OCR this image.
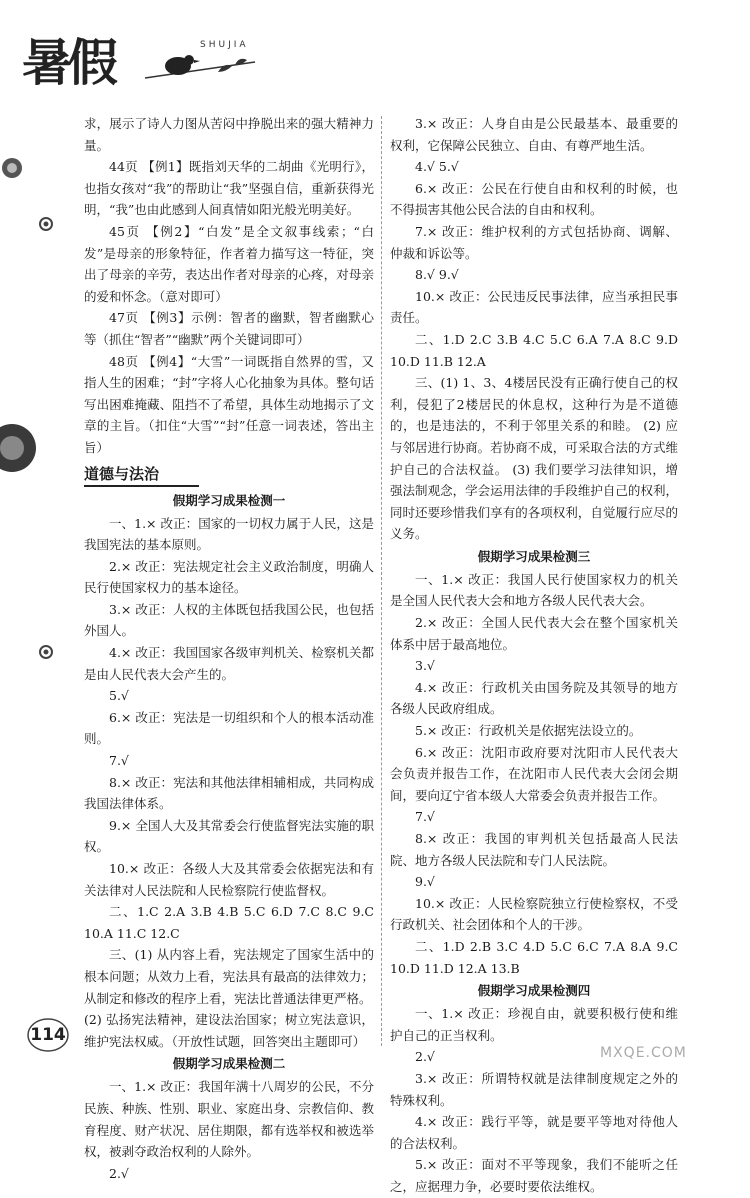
暑假	SHUJIA

求，展示了诗人力图从苦闷中挣脱出来的强大精神力量。

44页 【例1】既指刘天华的二胡曲《光明行》，也指女孩对“我”的帮助让“我”坚强自信，重新获得光明，“我”也由此感到人间真情如阳光般光明美好。

45页 【例2】“白发”是全文叙事线索；“白发”是母亲的形象特征，作者着力描写这一特征，突出了母亲的辛劳，表达出作者对母亲的心疼，对母亲的爱和怀念。（意对即可）

47页 【例3】示例：智者的幽默，智者幽默心等（抓住“智者”“幽默”两个关键词即可）

48页 【例4】“大雪”一词既指自然界的雪，又指人生的困难；“封”字将人心化抽象为具体。整句话写出困难掩藏、阻挡不了希望，具体生动地揭示了文章的主旨。（扣住“大雪”“封”任意一词表述，答出主旨）

道德与法治
假期学习成果检测一

一、1.× 改正：国家的一切权力属于人民，这是我国宪法的基本原则。

2.× 改正：宪法规定社会主义政治制度，明确人民行使国家权力的基本途径。

3.× 改正：人权的主体既包括我国公民，也包括外国人。

4.× 改正：我国国家各级审判机关、检察机关都是由人民代表大会产生的。

5.√

6.× 改正：宪法是一切组织和个人的根本活动准则。

7.√

8.× 改正：宪法和其他法律相辅相成，共同构成我国法律体系。

9.× 全国人大及其常委会行使监督宪法实施的职权。

10.× 改正：各级人大及其常委会依据宪法和有关法律对人民法院和人民检察院行使监督权。

二、1.C 2.A 3.B 4.B 5.C 6.D 7.C 8.C 9.C 10.A 11.C 12.C

三、(1) 从内容上看，宪法规定了国家生活中的根本问题；从效力上看，宪法具有最高的法律效力；从制定和修改的程序上看，宪法比普通法律更严格。

(2) 弘扬宪法精神，建设法治国家；树立宪法意识，维护宪法权威。（开放性试题，回答突出主题即可）

假期学习成果检测二

一、1.× 改正：我国年满十八周岁的公民，不分民族、种族、性别、职业、家庭出身、宗教信仰、教育程度、财产状况、居住期限，都有选举权和被选举权，被剥夺政治权利的人除外。

2.√

3.× 改正：人身自由是公民最基本、最重要的权利，它保障公民独立、自由、有尊严地生活。

4.√ 5.√

6.× 改正：公民在行使自由和权利的时候，也不得损害其他公民合法的自由和权利。

7.× 改正：维护权利的方式包括协商、调解、仲裁和诉讼等。

8.√ 9.√

10.× 改正：公民违反民事法律，应当承担民事责任。

二、1.D 2.C 3.B 4.C 5.C 6.A 7.A 8.C 9.D 10.D 11.B 12.A

三、(1) 1、3、4楼居民没有正确行使自己的权利，侵犯了2楼居民的休息权，这种行为是不道德的，也是违法的，不利于邻里关系的和睦。 (2) 应与邻居进行协商。若协商不成，可采取合法的方式维护自己的合法权益。 (3) 我们要学习法律知识，增强法制观念，学会运用法律的手段维护自己的权利，同时还要珍惜我们享有的各项权利，自觉履行应尽的义务。

假期学习成果检测三

一、1.× 改正：我国人民行使国家权力的机关是全国人民代表大会和地方各级人民代表大会。

2.× 改正：全国人民代表大会在整个国家机关体系中居于最高地位。

3.√

4.× 改正：行政机关由国务院及其领导的地方各级人民政府组成。

5.× 改正：行政机关是依据宪法设立的。

6.× 改正：沈阳市政府要对沈阳市人民代表大会负责并报告工作，在沈阳市人民代表大会闭会期间，要向辽宁省本级人大常委会负责并报告工作。

7.√

8.× 改正：我国的审判机关包括最高人民法院、地方各级人民法院和专门人民法院。

9.√

10.× 改正：人民检察院独立行使检察权，不受行政机关、社会团体和个人的干涉。

二、1.D 2.B 3.C 4.D 5.C 6.C 7.A 8.A 9.C 10.D 11.D 12.A 13.B

假期学习成果检测四

一、1.× 改正：珍视自由，就要积极行使和维护自己的正当权利。

2.√

3.× 改正：所谓特权就是法律制度规定之外的特殊权利。

4.× 改正：践行平等，就是要平等地对待他人的合法权利。

5.× 改正：面对不平等现象，我们不能听之任之，应据理力争，必要时要依法维权。

114
MXQE.COM
